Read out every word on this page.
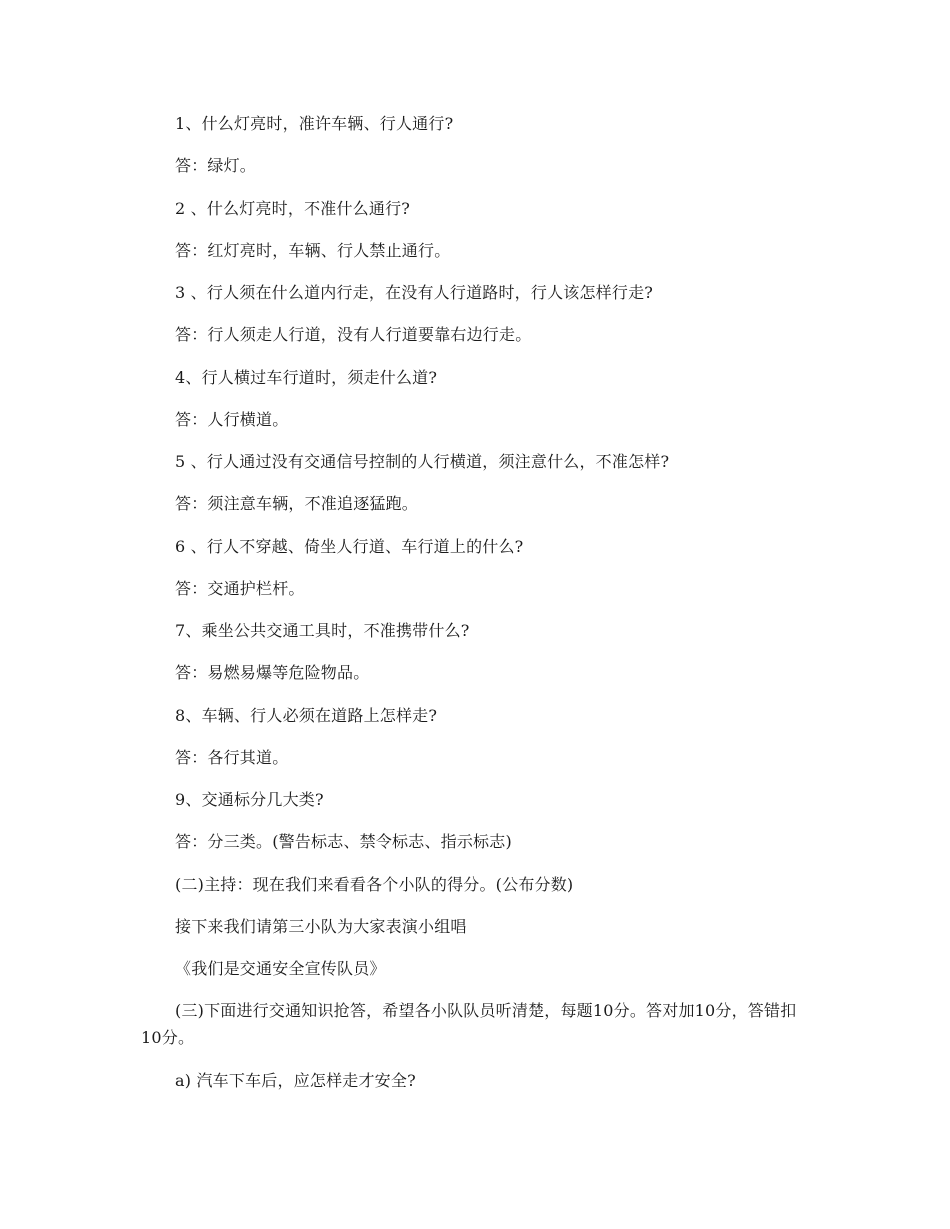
1、什么灯亮时，准许车辆、行人通行?
答：绿灯。
2 、什么灯亮时，不准什么通行?
答：红灯亮时，车辆、行人禁止通行。
3 、行人须在什么道内行走，在没有人行道路时，行人该怎样行走?
答：行人须走人行道，没有人行道要靠右边行走。
4、行人横过车行道时，须走什么道?
答：人行横道。
5 、行人通过没有交通信号控制的人行横道，须注意什么，不准怎样?
答：须注意车辆，不准追逐猛跑。
6 、行人不穿越、倚坐人行道、车行道上的什么?
答：交通护栏杆。
7、乘坐公共交通工具时，不准携带什么?
答：易燃易爆等危险物品。
8、车辆、行人必须在道路上怎样走?
答：各行其道。
9、交通标分几大类?
答：分三类。(警告标志、禁令标志、指示标志)
(二)主持：现在我们来看看各个小队的得分。(公布分数)
接下来我们请第三小队为大家表演小组唱
《我们是交通安全宣传队员》
(三)下面进行交通知识抢答，希望各小队队员听清楚，每题10分。答对加10分，答错扣10分。
a) 汽车下车后，应怎样走才安全?
